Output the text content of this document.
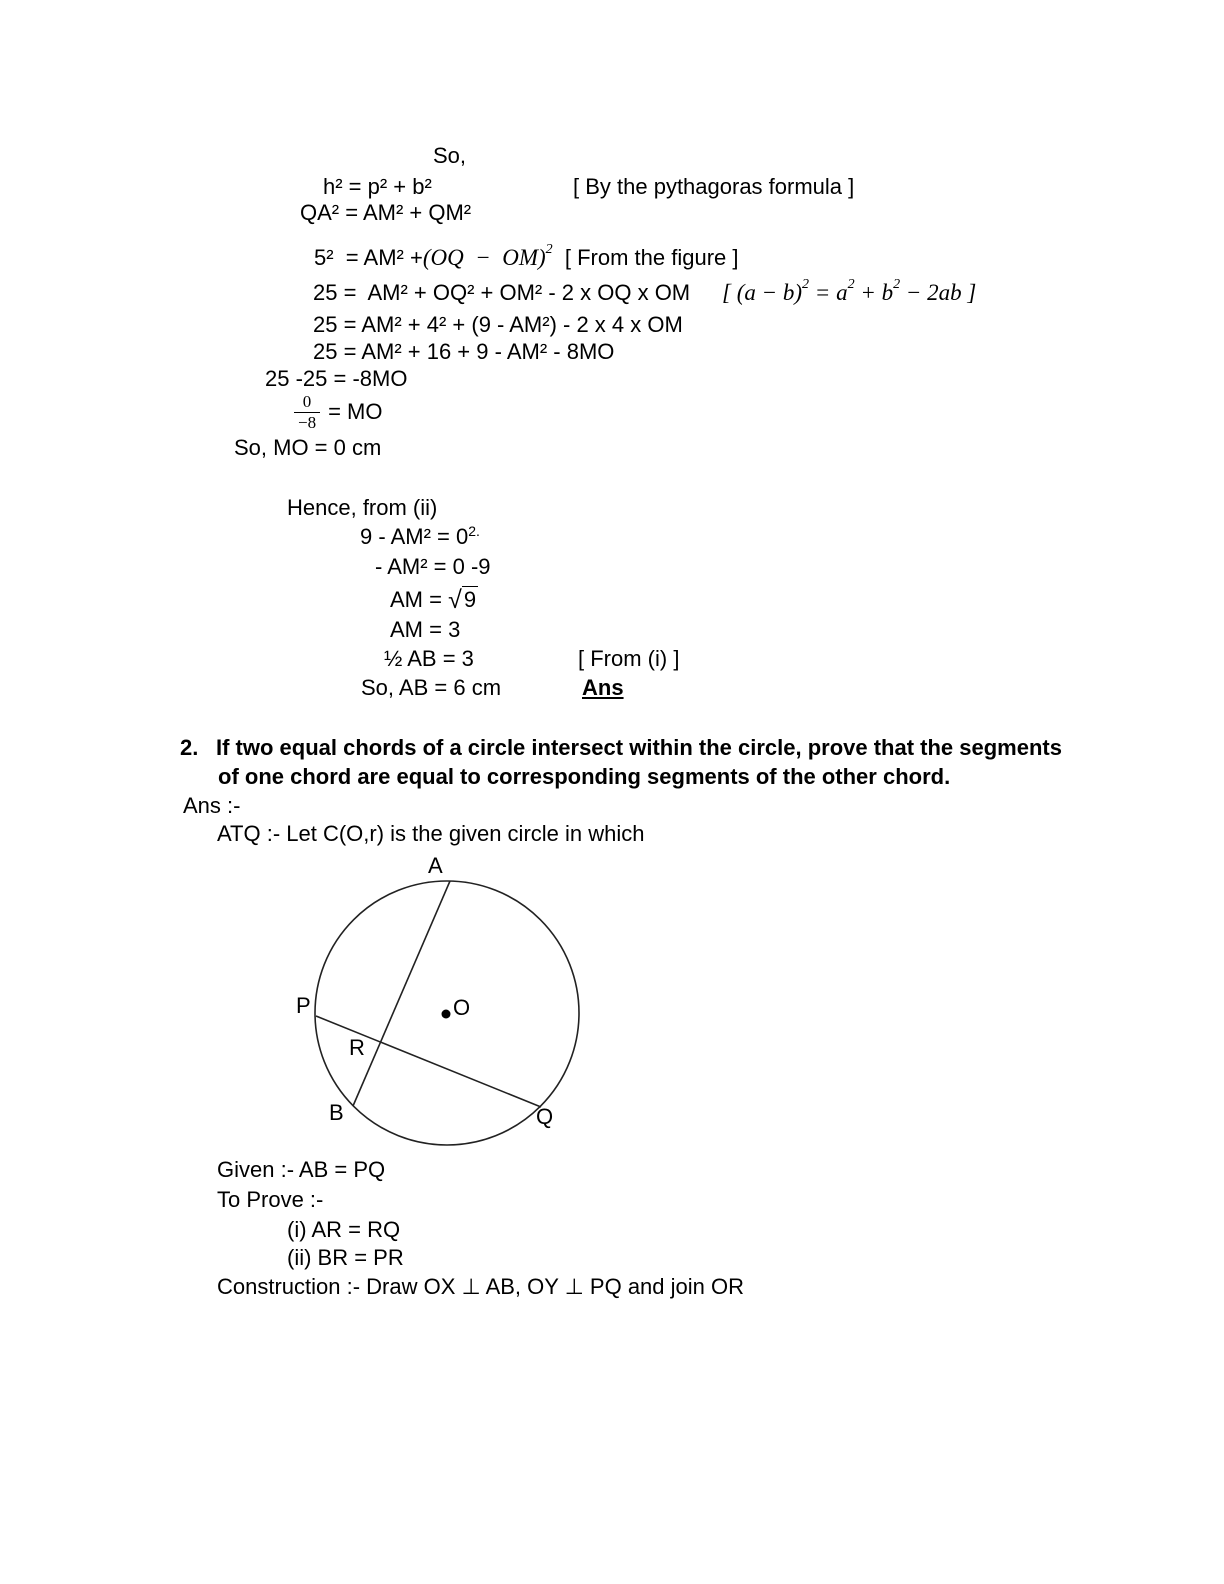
So,
h² = p² + b²	[ By the pythagoras formula ]
QA² = AM² + QM²
5²  = AM² +(OQ  −  OM)$^2$ [ From the figure ]
25 =  AM² + OQ² + OM² - 2 x OQ x OM [ $(a - b)^2 = a^2 + b^2 - 2ab$ ]
25 = AM² + 4² + (9 - AM²) - 2 x 4 x OM
25 = AM² + 16 + 9 - AM² - 8MO
25 -25 = -8MO
$\frac{0}{-8}$ = MO
So, MO = 0 cm
Hence, from (ii)
$9 - AM^2 = 0^{2.}$
- AM² = 0 -9
AM = √9
AM = 3
½ AB = 3	[ From (i) ]
So, AB = 6 cm	Ans
2. If two equal chords of a circle intersect within the circle, prove that the segments
of one chord are equal to corresponding segments of the other chord.
Ans :-
ATQ :- Let C(O,r) is the given circle in which
A
P	O
R
B	Q
Given :- AB = PQ
To Prove :-
(i) AR = RQ
(ii) BR = PR
Construction :- Draw OX ⊥ AB, OY ⊥ PQ and join OR
